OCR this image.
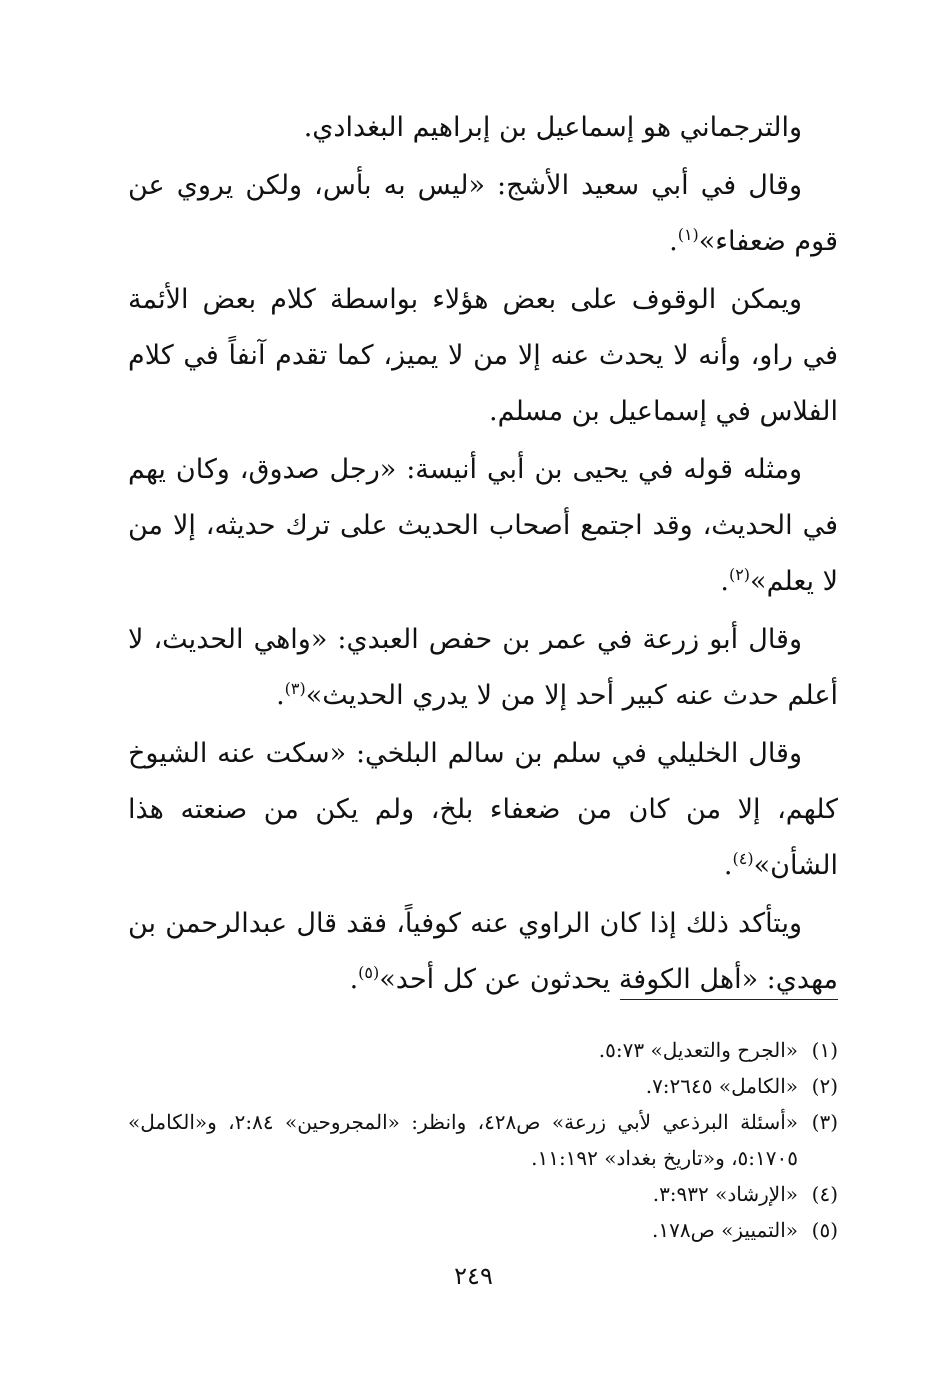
والترجماني هو إسماعيل بن إبراهيم البغدادي.

وقال في أبي سعيد الأشج: «ليس به بأس، ولكن يروي عن قوم ضعفاء»$^{(١)}$.

ويمكن الوقوف على بعض هؤلاء بواسطة كلام بعض الأئمة في راو، وأنه لا يحدث عنه إلا من لا يميز، كما تقدم آنفاً في كلام الفلاس في إسماعيل بن مسلم.

ومثله قوله في يحيى بن أبي أنيسة: «رجل صدوق، وكان يهم في الحديث، وقد اجتمع أصحاب الحديث على ترك حديثه، إلا من لا يعلم»$^{(٢)}$.

وقال أبو زرعة في عمر بن حفص العبدي: «واهي الحديث، لا أعلم حدث عنه كبير أحد إلا من لا يدري الحديث»$^{(٣)}$.

وقال الخليلي في سلم بن سالم البلخي: «سكت عنه الشيوخ كلهم، إلا من كان من ضعفاء بلخ، ولم يكن من صنعته هذا الشأن»$^{(٤)}$.

ويتأكد ذلك إذا كان الراوي عنه كوفياً، فقد قال عبدالرحمن بن مهدي: «أهل الكوفة يحدثون عن كل أحد»$^{(٥)}$.

(١)
«الجرح والتعديل» ٥:٧٣.
(٢)
«الكامل» ٧:٢٦٤٥.
(٣)
«أسئلة البرذعي لأبي زرعة» ص٤٢٨، وانظر: «المجروحين» ٢:٨٤، و«الكامل» ٥:١٧٠٥، و«تاريخ بغداد» ١١:١٩٢.
(٤)
«الإرشاد» ٣:٩٣٢.
(٥)
«التمييز» ص١٧٨.
٢٤٩
